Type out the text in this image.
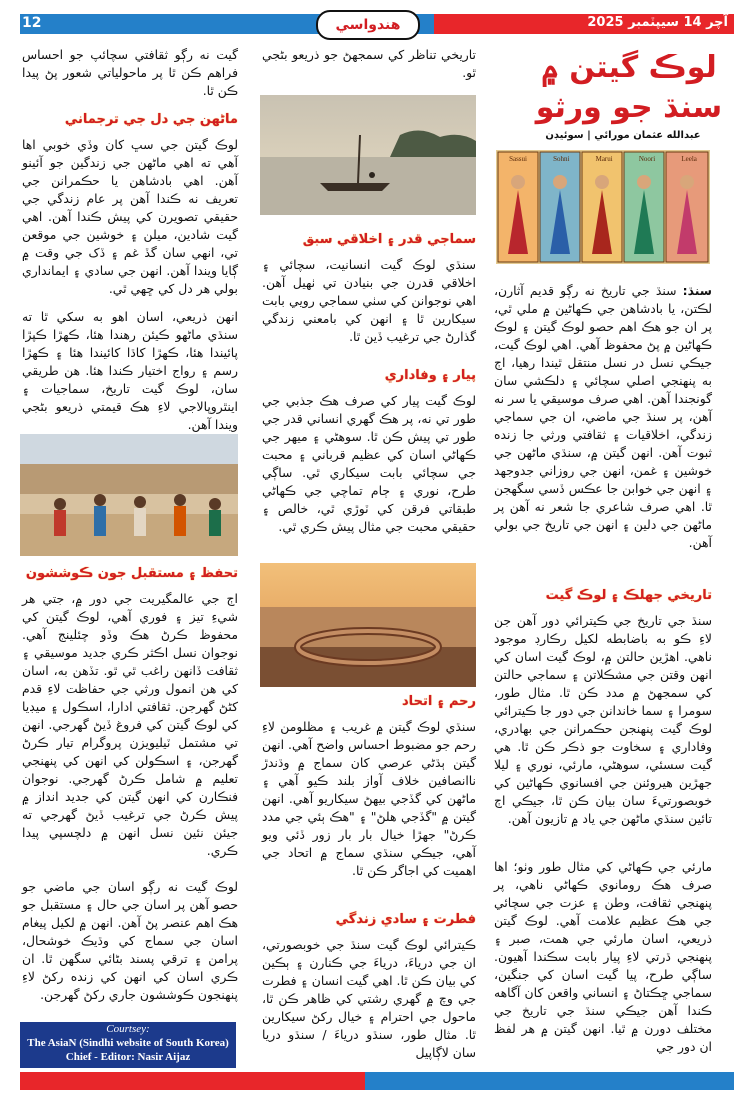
12	آچر 14 سيپٽمبر 2025
هندواسي
لوڪ گيتن ۾
سنڌ جو ورثو
عبدالله عثمان مورائي | سوئيڊن
Sassui	Sohni	Marui	Noori	Leela
سنڌ: سنڌ جي تاريخ نه رڳو قديم آثارن، لڪتن، يا بادشاهن جي ڪهاڻين ۾ ملي ٿي، پر ان جو هڪ اهم حصو لوڪ گيتن ۽ لوڪ ڪهاڻين ۾ پڻ محفوظ آهي. اهي لوڪ گيت، جيڪي نسل در نسل منتقل ٿيندا رهيا، اڄ به پنهنجي اصلي سچائي ۽ دلڪشي سان گونجندا آهن. اهي صرف موسيقي يا سر نه آهن، پر سنڌ جي ماضي، ان جي سماجي زندگي، اخلاقيات ۽ ثقافتي ورثي جا زنده ثبوت آهن. انهن گيتن ۾، سنڌي ماڻهن جي خوشين ۽ غمن، انهن جي روزاني جدوجهد ۽ انهن جي خوابن جا عڪس ڏسي سگهجن ٿا. اهي صرف شاعري جا شعر نه آهن پر ماڻهن جي دلين ۽ انهن جي تاريخ جي بولي آهن.
تاريخي جهلڪ ۽ لوڪ گيت
سنڌ جي تاريخ جي ڪيترائي دور آهن جن لاءِ ڪو به باضابطه لکيل رڪارڊ موجود ناهي. اهڙين حالتن ۾، لوڪ گيت اسان کي انهن وقتن جي مشڪلاتن ۽ سماجي حالتن کي سمجهڻ ۾ مدد ڪن ٿا. مثال طور، سومرا ۽ سما خاندانن جي دور جا ڪيترائي لوڪ گيت پنهنجن حڪمرانن جي بهادري، وفاداري ۽ سخاوت جو ذڪر ڪن ٿا. هي گيت سسئي، سوهڻي، مارئي، نوري ۽ ليلا جهڙين هيروئنن جي افسانوي ڪهاڻين کي خوبصورتيءَ سان بيان ڪن ٿا، جيڪي اڄ تائين سنڌي ماڻهن جي ياد ۾ تازيون آهن.
مارئي جي ڪهاڻي کي مثال طور وٺو؛ اها صرف هڪ رومانوي ڪهاڻي ناهي، پر پنهنجي ثقافت، وطن ۽ عزت جي سچائي جي هڪ عظيم علامت آهي. لوڪ گيتن ذريعي، اسان مارئي جي همت، صبر ۽ پنهنجي ڌرتي لاءِ پيار بابت سڪندا آهيون. ساڳي طرح، پيا گيت اسان کي جنگين، سماجي ڇڪتاڻ ۽ انساني واقعن کان آگاهه ڪندا آهن جيڪي سنڌ جي تاريخ جي مختلف دورن ۾ ٿيا. انهن گيتن ۾ هر لفظ ان دور جي
تاريخي تناظر کي سمجهڻ جو ذريعو بڻجي ٿو.
سماجي قدر ۽ اخلاقي سبق
سنڌي لوڪ گيت انسانيت، سچائي ۽ اخلاقي قدرن جي بنيادن تي ٺهيل آهن. اهي نوجوانن کي سٺي سماجي رويي بابت سيکارين ٿا ۽ انهن کي بامعني زندگي گذارڻ جي ترغيب ڏين ٿا.
پيار ۽ وفاداري
لوڪ گيت پيار کي صرف هڪ جذبي جي طور تي نه، پر هڪ گهري انساني قدر جي طور تي پيش ڪن ٿا. سوهڻي ۽ ميهر جي ڪهاڻي اسان کي عظيم قرباني ۽ محبت جي سچائي بابت سيکاري ٿي. ساڳي طرح، نوري ۽ ڄام تماچي جي ڪهاڻي طبقاتي فرقن کي ٽوڙي ٿي، خالص ۽ حقيقي محبت جي مثال پيش ڪري ٿي.
رحم ۽ اتحاد
سنڌي لوڪ گيتن ۾ غريب ۽ مظلومن لاءِ رحم جو مضبوط احساس واضح آهي. انهن گيتن ٻڌڻي عرصي کان سماج ۾ وڌندڙ ناانصافين خلاف آواز بلند ڪيو آهي ۽ ماڻهن کي گڏجي بيهڻ سيکاريو آهي. انهن گيتن ۾ "گڏجي هلڻ" ۽ "هڪ ٻئي جي مدد ڪرڻ" جهڙا خيال بار بار زور ڏئي ويو آهي، جيڪي سنڌي سماج ۾ اتحاد جي اهميت کي اجاگر ڪن ٿا.
فطرت ۽ سادي زندگي
ڪيترائي لوڪ گيت سنڌ جي خوبصورتي، ان جي درياءَ، درياءَ جي ڪنارن ۽ ٻڪين کي بيان ڪن ٿا. اهي گيت انسان ۽ فطرت جي وچ ۾ گهري رشتي کي ظاهر ڪن ٿا، ماحول جي احترام ۽ خيال رکڻ سيکارين ٿا. مثال طور، سنڌو درياءَ / سنڌو دريا سان لاڳاپيل
گيت نه رڳو ثقافتي سچائپ جو احساس فراهم ڪن ٿا پر ماحولياتي شعور پڻ پيدا ڪن ٿا.
ماڻهن جي دل جي ترجماني
لوڪ گيتن جي سڀ کان وڏي خوبي اها آهي ته اهي ماڻهن جي زندگين جو آئينو آهن. اهي بادشاهن يا حڪمرانن جي تعريف نه ڪندا آهن پر عام زندگي جي حقيقي تصويرن کي پيش ڪندا آهن. اهي گيت شادين، ميلن ۽ خوشين جي موقعن تي، انهي سان گڏ غم ۽ ڏک جي وقت ۾ ڳايا ويندا آهن. انهن جي سادي ۽ ايمانداري بولي هر دل کي ڇهي ٿي.
انهن ذريعي، اسان اهو به سکي ٿا ته سنڌي ماڻهو ڪيئن رهندا هئا، ڪهڙا ڪپڙا پائيندا هئا، ڪهڙا کاڌا کائيندا هئا ۽ ڪهڙا رسم ۽ رواج اختيار ڪندا هئا. هن طريقي سان، لوڪ گيت تاريخ، سماجيات ۽ اينٿروپالاجي لاءِ هڪ قيمتي ذريعو بڻجي ويندا آهن.
تحفظ ۽ مستقبل جون ڪوششون
اڄ جي عالمگيريت جي دور ۾، جتي هر شيءِ تيز ۽ فوري آهي، لوڪ گيتن کي محفوظ ڪرڻ هڪ وڏو چئلينج آهي. نوجوان نسل اڪثر ڪري جديد موسيقي ۽ ثقافت ڏانهن راغب ٿي ٿو. تڏهن به، اسان کي هن انمول ورثي جي حفاظت لاءِ قدم کڻڻ گهرجن. ثقافتي ادارا، اسڪول ۽ ميڊيا کي لوڪ گيتن کي فروغ ڏيڻ گهرجي. انهن تي مشتمل ٽيليويزن پروگرام تيار ڪرڻ گهرجن، ۽ اسڪولن کي انهن کي پنهنجي تعليم ۾ شامل ڪرڻ گهرجي. نوجوان فنڪارن کي انهن گيتن کي جديد انداز ۾ پيش ڪرڻ جي ترغيب ڏيڻ گهرجي ته جيئن نئين نسل انهن ۾ دلچسپي پيدا ڪري.
لوڪ گيت نه رڳو اسان جي ماضي جو حصو آهن پر اسان جي حال ۽ مستقبل جو هڪ اهم عنصر پڻ آهن. انهن ۾ لکيل پيغام اسان جي سماج کي وڌيڪ خوشحال، پرامن ۽ ترقي پسند بڻائي سگهن ٿا. ان ڪري اسان کي انهن کي زنده رکڻ لاءِ پنهنجون ڪوششون جاري رکڻ گهرجن.
Courtsey:
The AsiaN (Sindhi website of South Korea)
Chief - Editor: Nasir Aijaz
